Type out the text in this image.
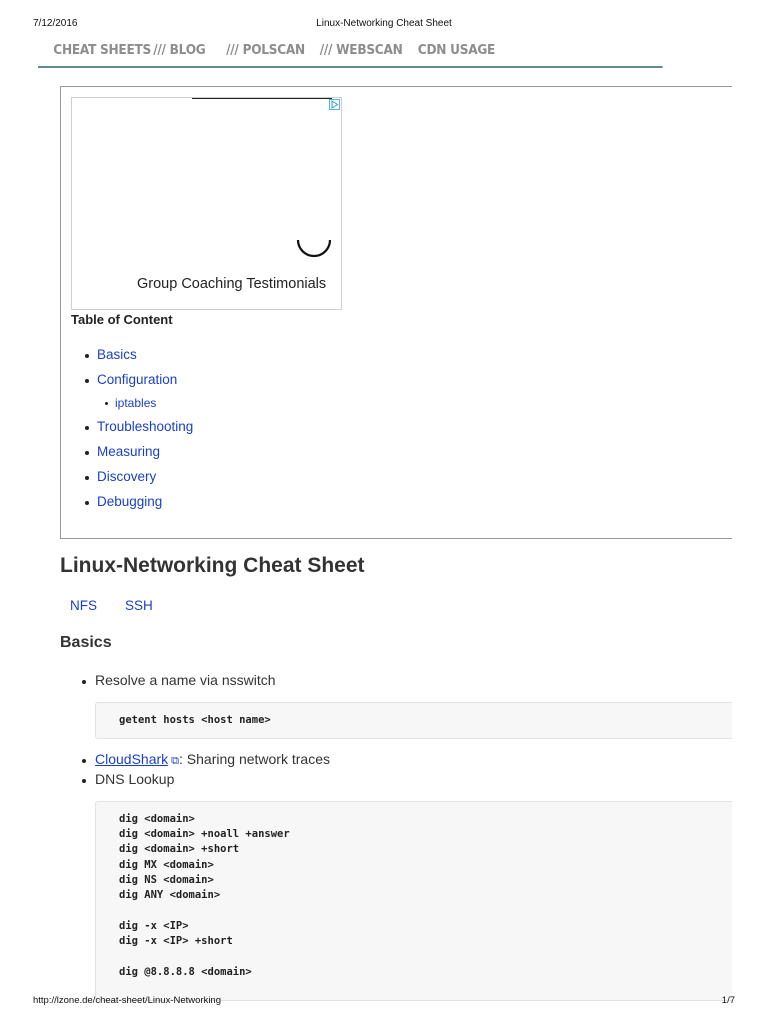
7/12/2016	Linux-Networking Cheat Sheet
CHEAT SHEETS /// BLOG /// POLSCAN /// WEBSCAN CDN USAGE
Group Coaching Testimonials
Table of Content
Basics
Configuration
iptables
Troubleshooting
Measuring
Discovery
Debugging
Linux-Networking Cheat Sheet
NFS SSH
Basics
Resolve a name via nsswitch
getent hosts <host name>
CloudShark ⧉: Sharing network traces
DNS Lookup
dig <domain>
dig <domain> +noall +answer
dig <domain> +short
dig MX <domain>
dig NS <domain>
dig ANY <domain>
dig -x <IP>
dig -x <IP> +short
dig @8.8.8.8 <domain>
http://lzone.de/cheat-sheet/Linux-Networking	1/7
